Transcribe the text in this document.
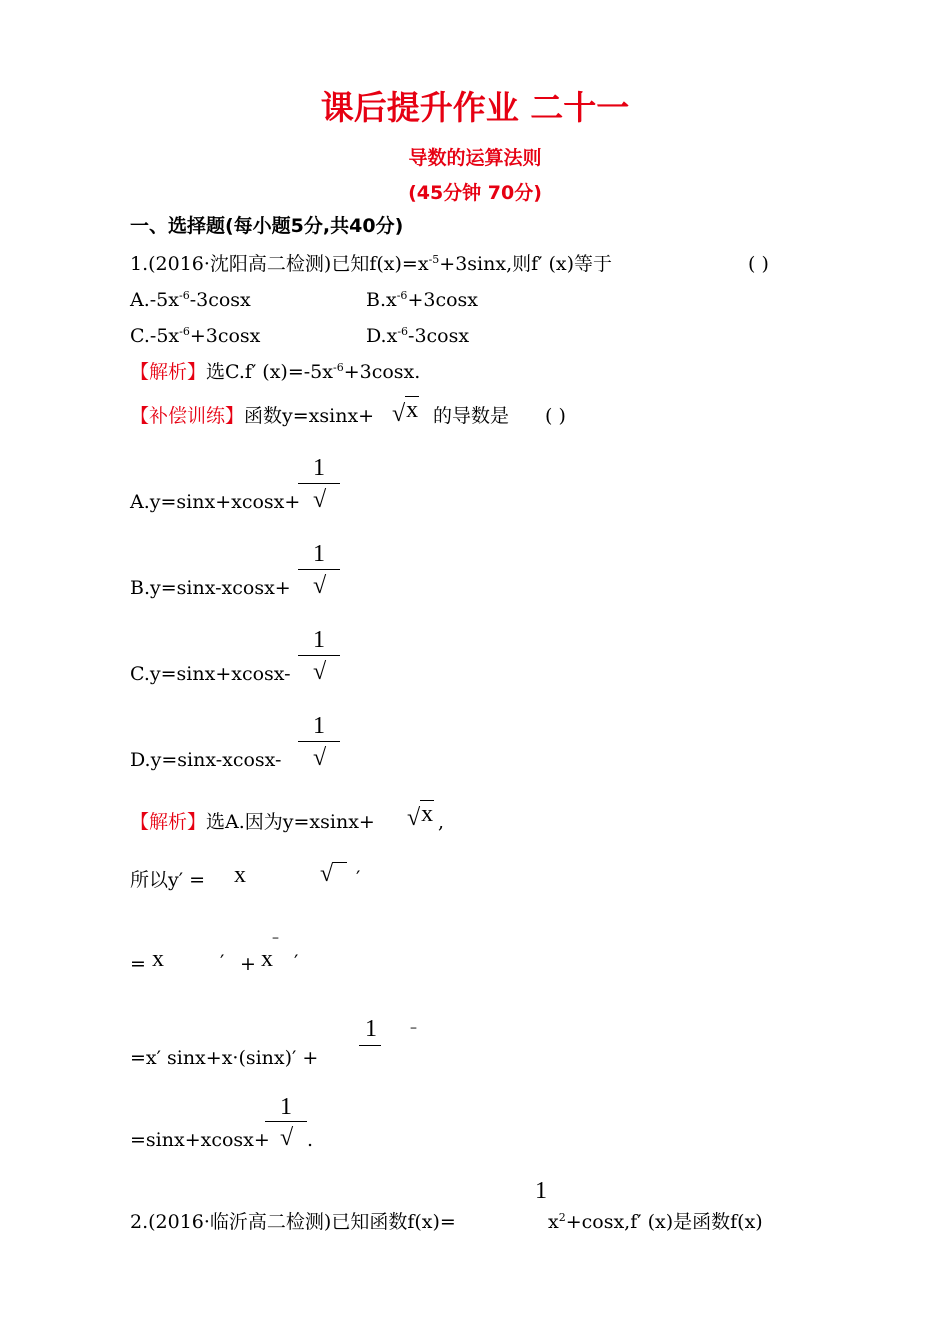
课后提升作业 二十一
导数的运算法则
(45分钟 70分)
一、选择题(每小题5分,共40分)
1.(2016·沈阳高二检测)已知$f(x)=x^{-5}+3\sin x$,则f′ (x)等于	( )
$A.-5x^{-6}-3\cos x$	$B.x^{-6}+3\cos x$
$C.-5x^{-6}+3\cos x$	$D.x^{-6}-3\cos x$
【解析】选C.f′ $(x)=-5x^{-6}+3\cos x$.
【补偿训练】函数y=xsinx+ √x 的导数是 ( )
A.y=sinx+xcosx+
1
√
B.y=sinx-xcosx+
1
√
C.y=sinx+xcosx-
1
√
D.y=sinx-xcosx-
1
√
【解析】选A.因为y=xsinx+ √x ,
所以y′ = x	√ ′
= x	′ + x
–
′
=x′ sinx+x·(sinx)′ +
1 –
=sinx+xcosx+
1
√ .
2.(2016·临沂高二检测)已知函数f(x)=
1
$x^2+\cos x,f'$ (x)是函数f(x)
